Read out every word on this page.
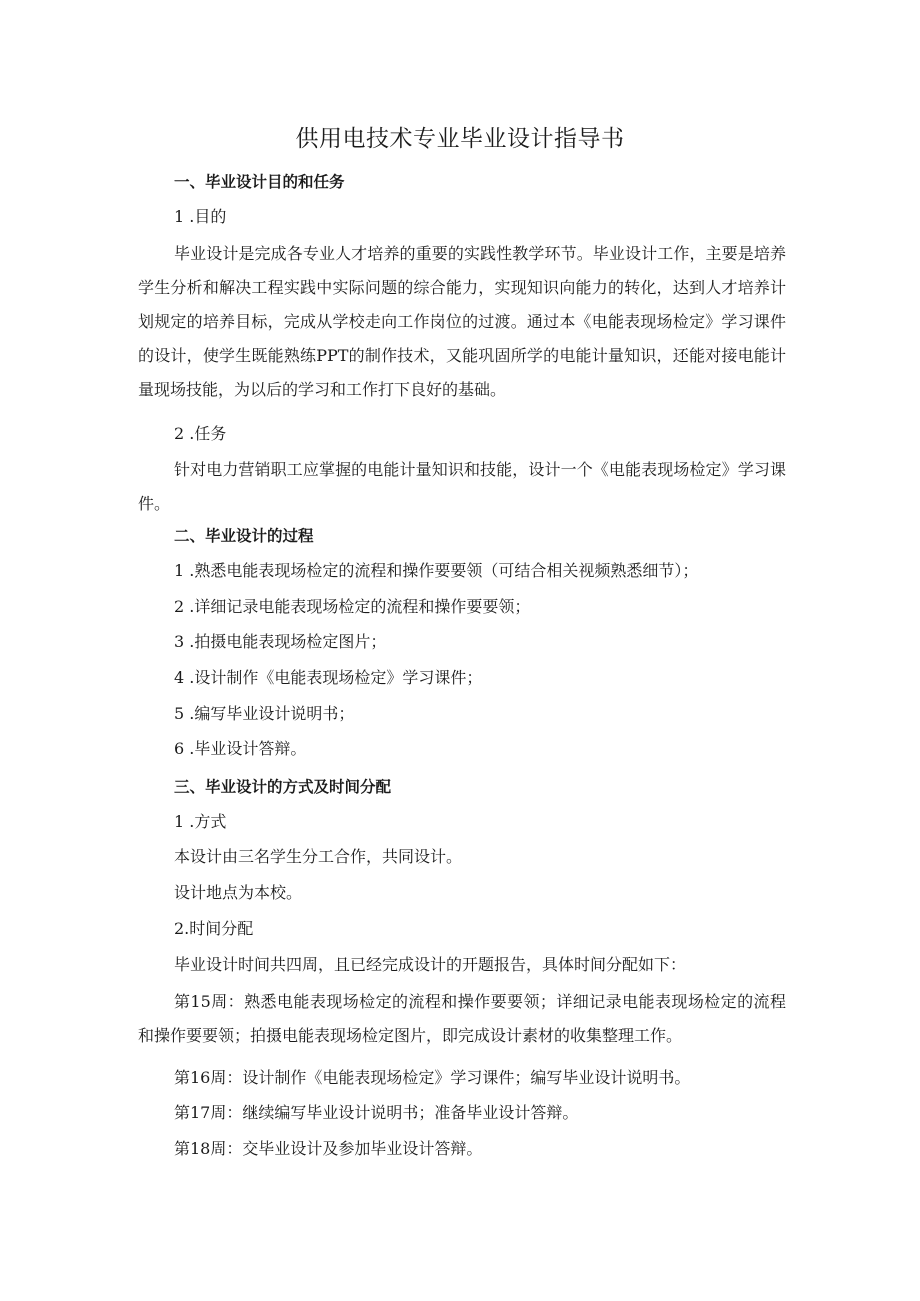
供用电技术专业毕业设计指导书

一、毕业设计目的和任务

1 .目的

毕业设计是完成各专业人才培养的重要的实践性教学环节。毕业设计工作，主要是培养学生分析和解决工程实践中实际问题的综合能力，实现知识向能力的转化，达到人才培养计划规定的培养目标，完成从学校走向工作岗位的过渡。通过本《电能表现场检定》学习课件的设计，使学生既能熟练PPT的制作技术，又能巩固所学的电能计量知识，还能对接电能计量现场技能，为以后的学习和工作打下良好的基础。

2 .任务

针对电力营销职工应掌握的电能计量知识和技能，设计一个《电能表现场检定》学习课件。

二、毕业设计的过程

1 .熟悉电能表现场检定的流程和操作要要领（可结合相关视频熟悉细节）；

2 .详细记录电能表现场检定的流程和操作要要领；

3 .拍摄电能表现场检定图片；

4 .设计制作《电能表现场检定》学习课件；

5 .编写毕业设计说明书；

6 .毕业设计答辩。

三、毕业设计的方式及时间分配

1 .方式

本设计由三名学生分工合作，共同设计。

设计地点为本校。

2.时间分配

毕业设计时间共四周，且已经完成设计的开题报告，具体时间分配如下：

第15周：熟悉电能表现场检定的流程和操作要要领；详细记录电能表现场检定的流程和操作要要领；拍摄电能表现场检定图片，即完成设计素材的收集整理工作。

第16周：设计制作《电能表现场检定》学习课件；编写毕业设计说明书。

第17周：继续编写毕业设计说明书；准备毕业设计答辩。

第18周：交毕业设计及参加毕业设计答辩。
